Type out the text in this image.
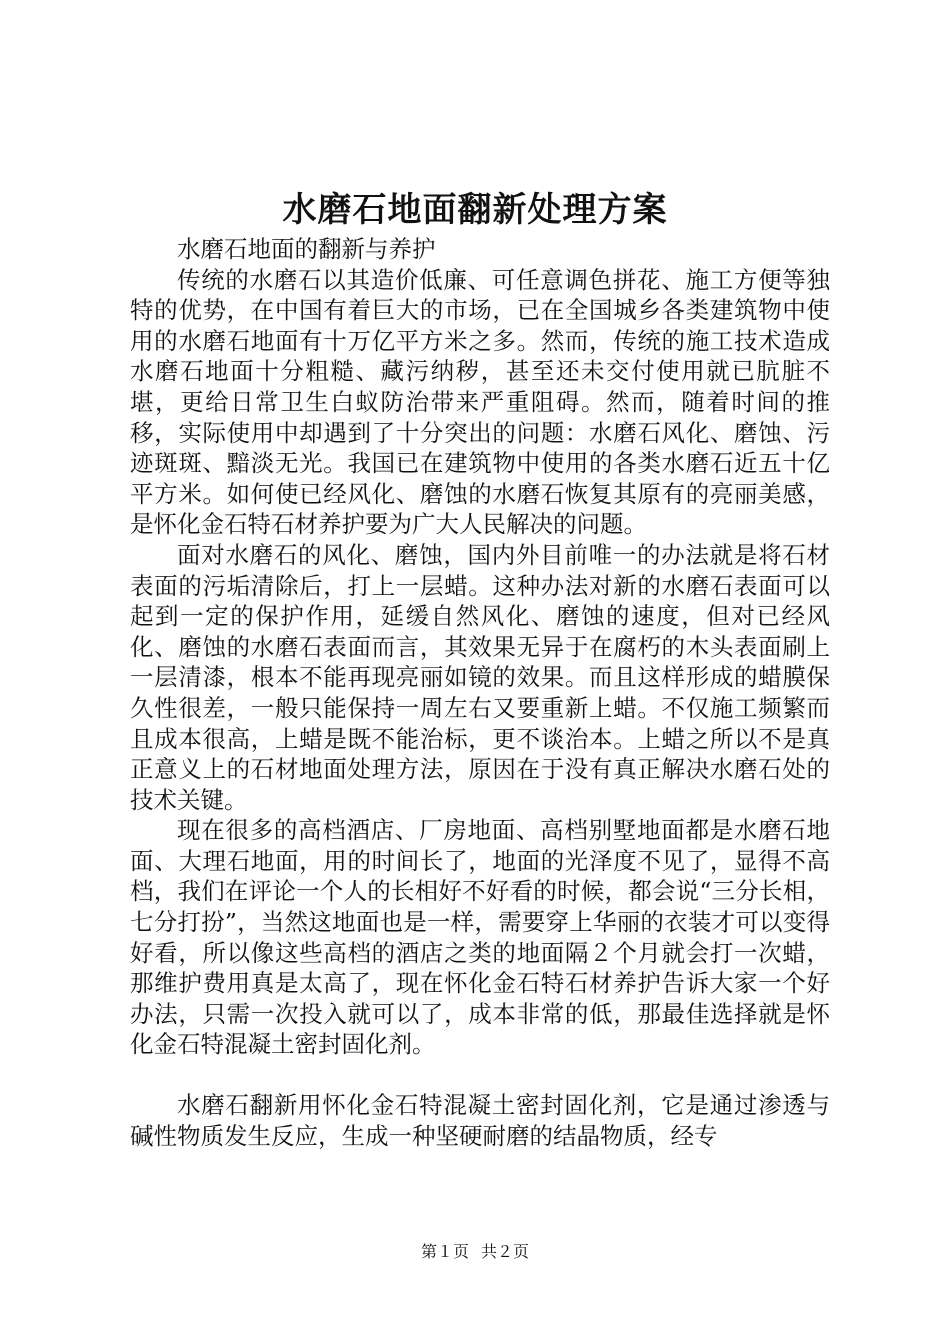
水磨石地面翻新处理方案

水磨石地面的翻新与养护

传统的水磨石以其造价低廉、可任意调色拼花、施工方便等独特的优势，在中国有着巨大的市场，已在全国城乡各类建筑物中使用的水磨石地面有十万亿平方米之多。然而，传统的施工技术造成水磨石地面十分粗糙、藏污纳秽，甚至还未交付使用就已肮脏不堪，更给日常卫生白蚁防治带来严重阻碍。然而，随着时间的推移，实际使用中却遇到了十分突出的问题：水磨石风化、磨蚀、污迹斑斑、黯淡无光。我国已在建筑物中使用的各类水磨石近五十亿平方米。如何使已经风化、磨蚀的水磨石恢复其原有的亮丽美感，是怀化金石特石材养护要为广大人民解决的问题。

面对水磨石的风化、磨蚀，国内外目前唯一的办法就是将石材表面的污垢清除后，打上一层蜡。这种办法对新的水磨石表面可以起到一定的保护作用，延缓自然风化、磨蚀的速度，但对已经风化、磨蚀的水磨石表面而言，其效果无异于在腐朽的木头表面刷上一层清漆，根本不能再现亮丽如镜的效果。而且这样形成的蜡膜保久性很差，一般只能保持一周左右又要重新上蜡。不仅施工频繁而且成本很高，上蜡是既不能治标，更不谈治本。上蜡之所以不是真正意义上的石材地面处理方法，原因在于没有真正解决水磨石处的技术关键。

现在很多的高档酒店、厂房地面、高档别墅地面都是水磨石地面、大理石地面，用的时间长了，地面的光泽度不见了，显得不高档，我们在评论一个人的长相好不好看的时候，都会说“三分长相，七分打扮”，当然这地面也是一样，需要穿上华丽的衣装才可以变得好看，所以像这些高档的酒店之类的地面隔２个月就会打一次蜡，那维护费用真是太高了，现在怀化金石特石材养护告诉大家一个好办法，只需一次投入就可以了，成本非常的低，那最佳选择就是怀化金石特混凝土密封固化剂。

水磨石翻新用怀化金石特混凝土密封固化剂，它是通过渗透与碱性物质发生反应，生成一种坚硬耐磨的结晶物质，经专

第１页 共２页
